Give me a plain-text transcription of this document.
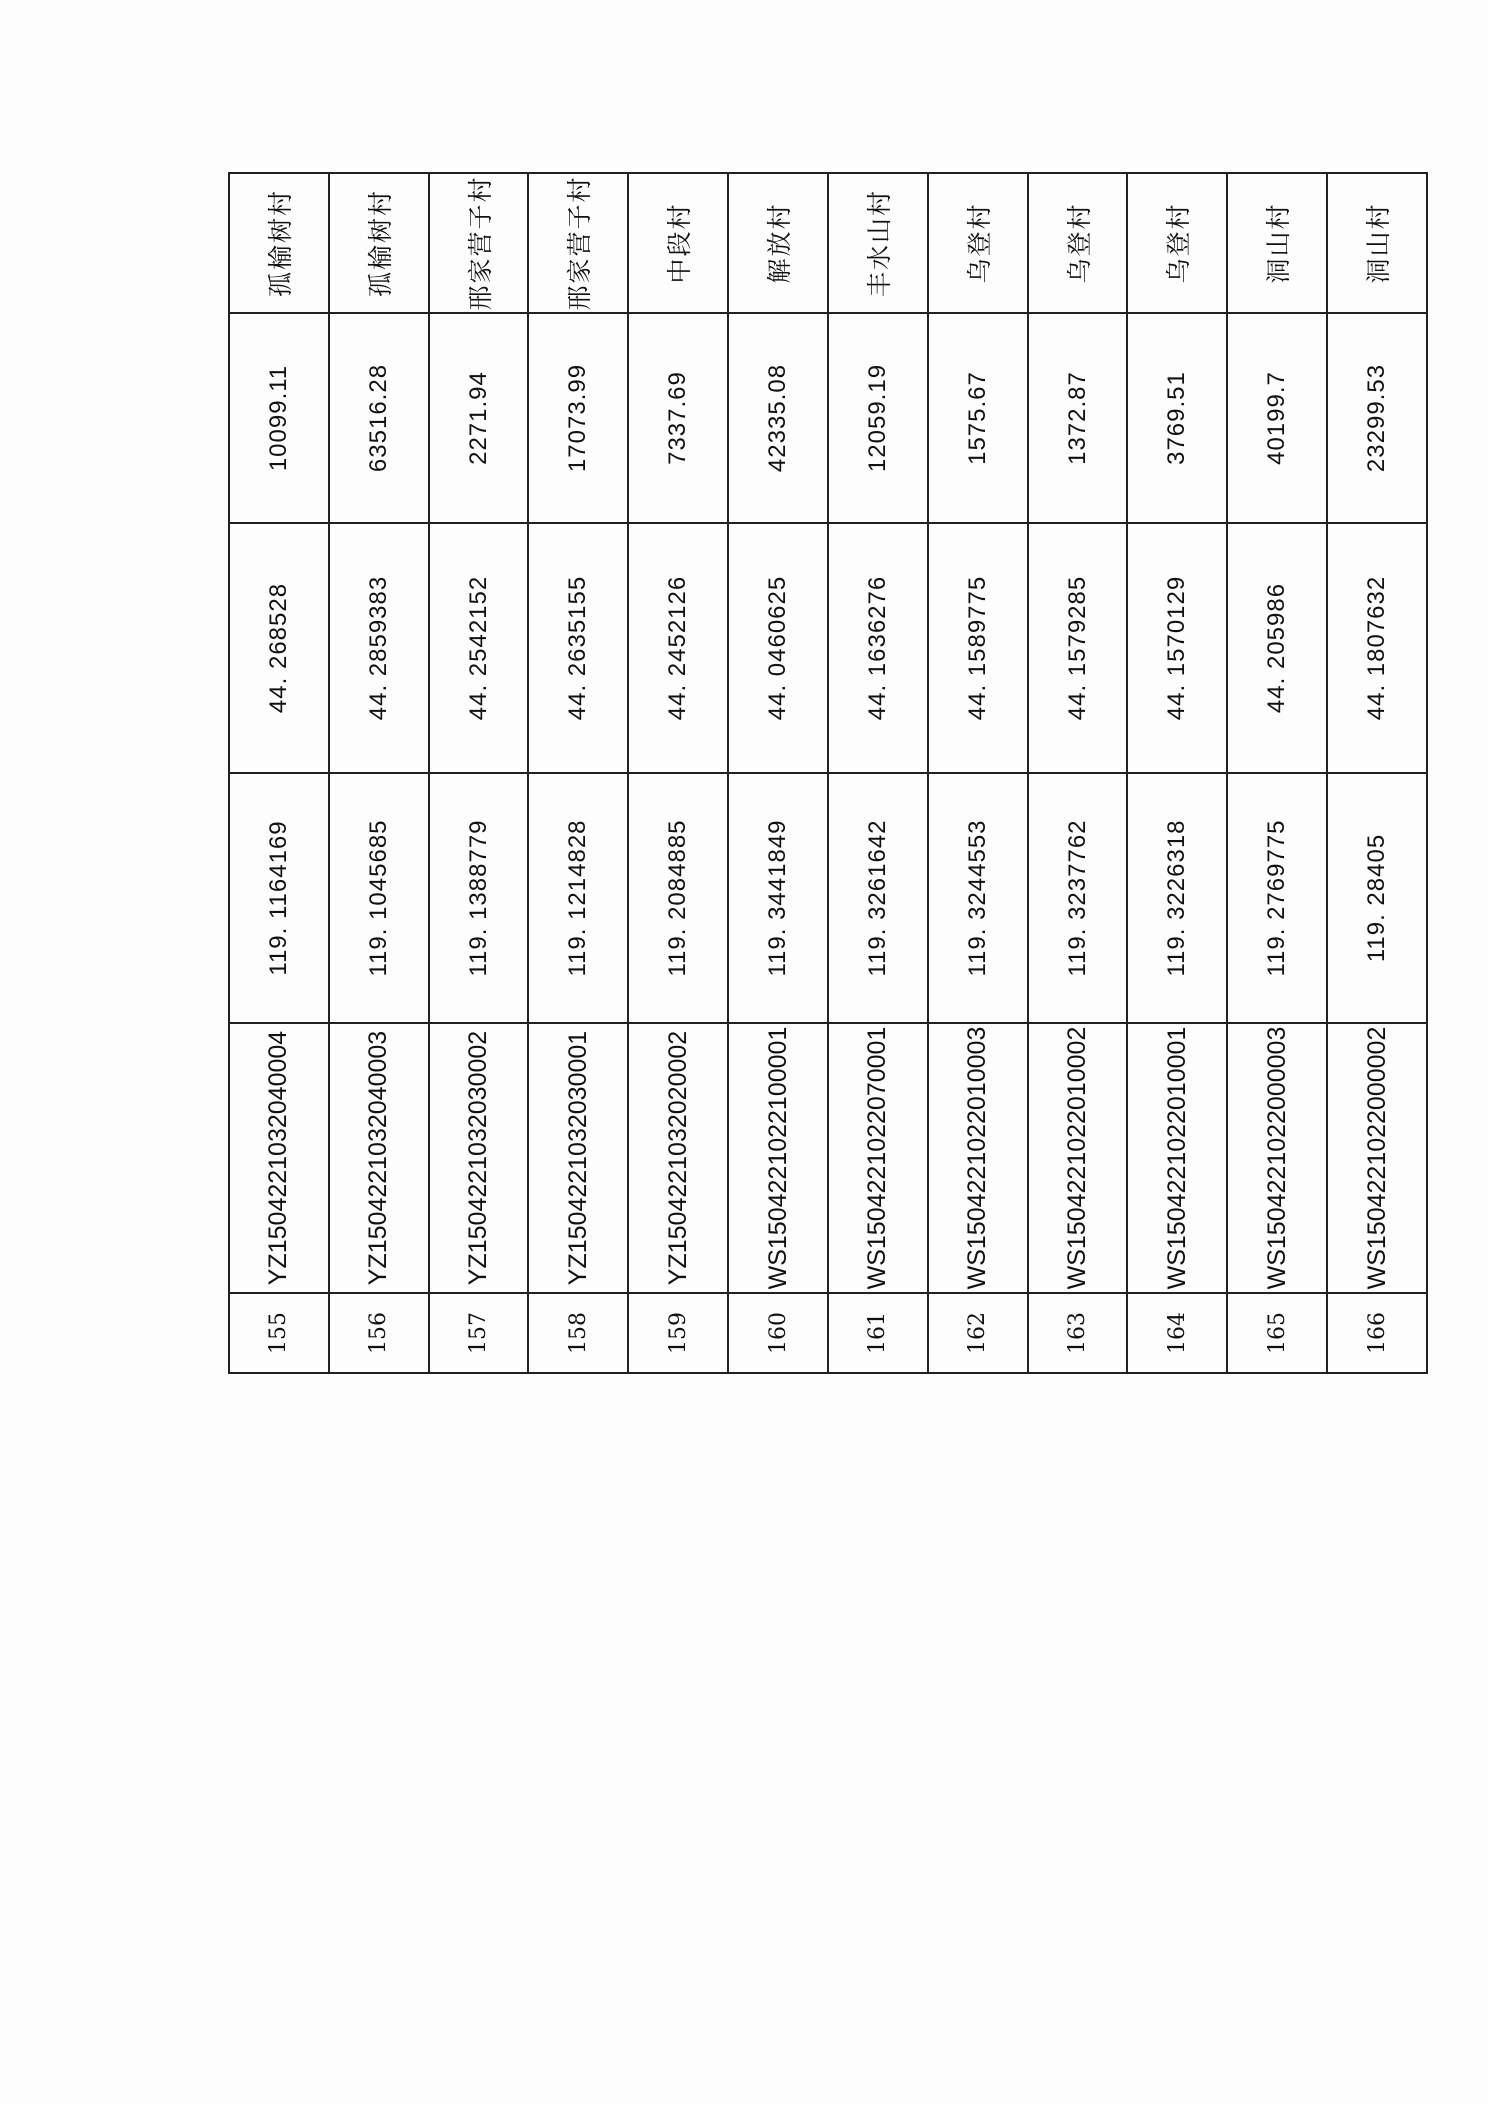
155	YZ1504221032040004	119. 1164169	44. 268528	10099.11	孤榆树村
156	YZ1504221032040003	119. 1045685	44. 2859383	63516.28	孤榆树村
157	YZ1504221032030002	119. 1388779	44. 2542152	2271.94	邢家营子村
158	YZ1504221032030001	119. 1214828	44. 2635155	17073.99	邢家营子村
159	YZ1504221032020002	119. 2084885	44. 2452126	7337.69	中段村
160	WS1504221022100001	119. 3441849	44. 0460625	42335.08	解放村
161	WS1504221022070001	119. 3261642	44. 1636276	12059.19	丰水山村
162	WS1504221022010003	119. 3244553	44. 1589775	1575.67	乌登村
163	WS1504221022010002	119. 3237762	44. 1579285	1372.87	乌登村
164	WS1504221022010001	119. 3226318	44. 1570129	3769.51	乌登村
165	WS1504221022000003	119. 2769775	44. 205986	40199.7	洞山村
166	WS1504221022000002	119. 28405	44. 1807632	23299.53	洞山村
